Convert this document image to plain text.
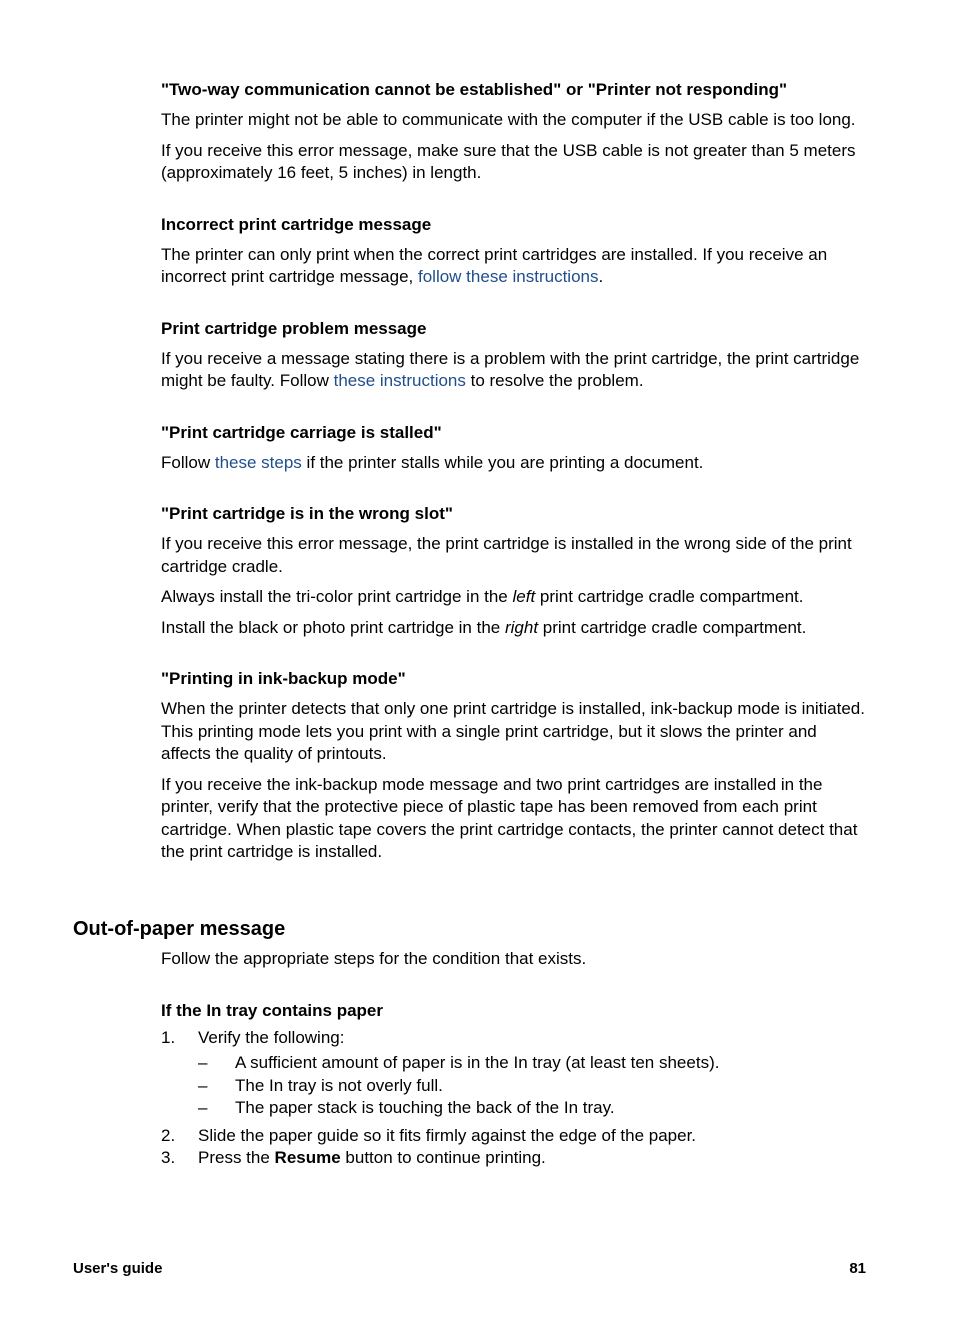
"Two-way communication cannot be established" or "Printer not responding"

The printer might not be able to communicate with the computer if the USB cable is too long.

If you receive this error message, make sure that the USB cable is not greater than 5 meters (approximately 16 feet, 5 inches) in length.

Incorrect print cartridge message

The printer can only print when the correct print cartridges are installed. If you receive an incorrect print cartridge message, follow these instructions.

Print cartridge problem message

If you receive a message stating there is a problem with the print cartridge, the print cartridge might be faulty. Follow these instructions to resolve the problem.

"Print cartridge carriage is stalled"

Follow these steps if the printer stalls while you are printing a document.

"Print cartridge is in the wrong slot"

If you receive this error message, the print cartridge is installed in the wrong side of the print cartridge cradle.

Always install the tri-color print cartridge in the left print cartridge cradle compartment.

Install the black or photo print cartridge in the right print cartridge cradle compartment.

"Printing in ink-backup mode"

When the printer detects that only one print cartridge is installed, ink-backup mode is initiated. This printing mode lets you print with a single print cartridge, but it slows the printer and affects the quality of printouts.

If you receive the ink-backup mode message and two print cartridges are installed in the printer, verify that the protective piece of plastic tape has been removed from each print cartridge. When plastic tape covers the print cartridge contacts, the printer cannot detect that the print cartridge is installed.

Out-of-paper message

Follow the appropriate steps for the condition that exists.

If the In tray contains paper
1. Verify the following:
– A sufficient amount of paper is in the In tray (at least ten sheets).
– The In tray is not overly full.
– The paper stack is touching the back of the In tray.
2. Slide the paper guide so it fits firmly against the edge of the paper.
3. Press the Resume button to continue printing.
User's guide	81
